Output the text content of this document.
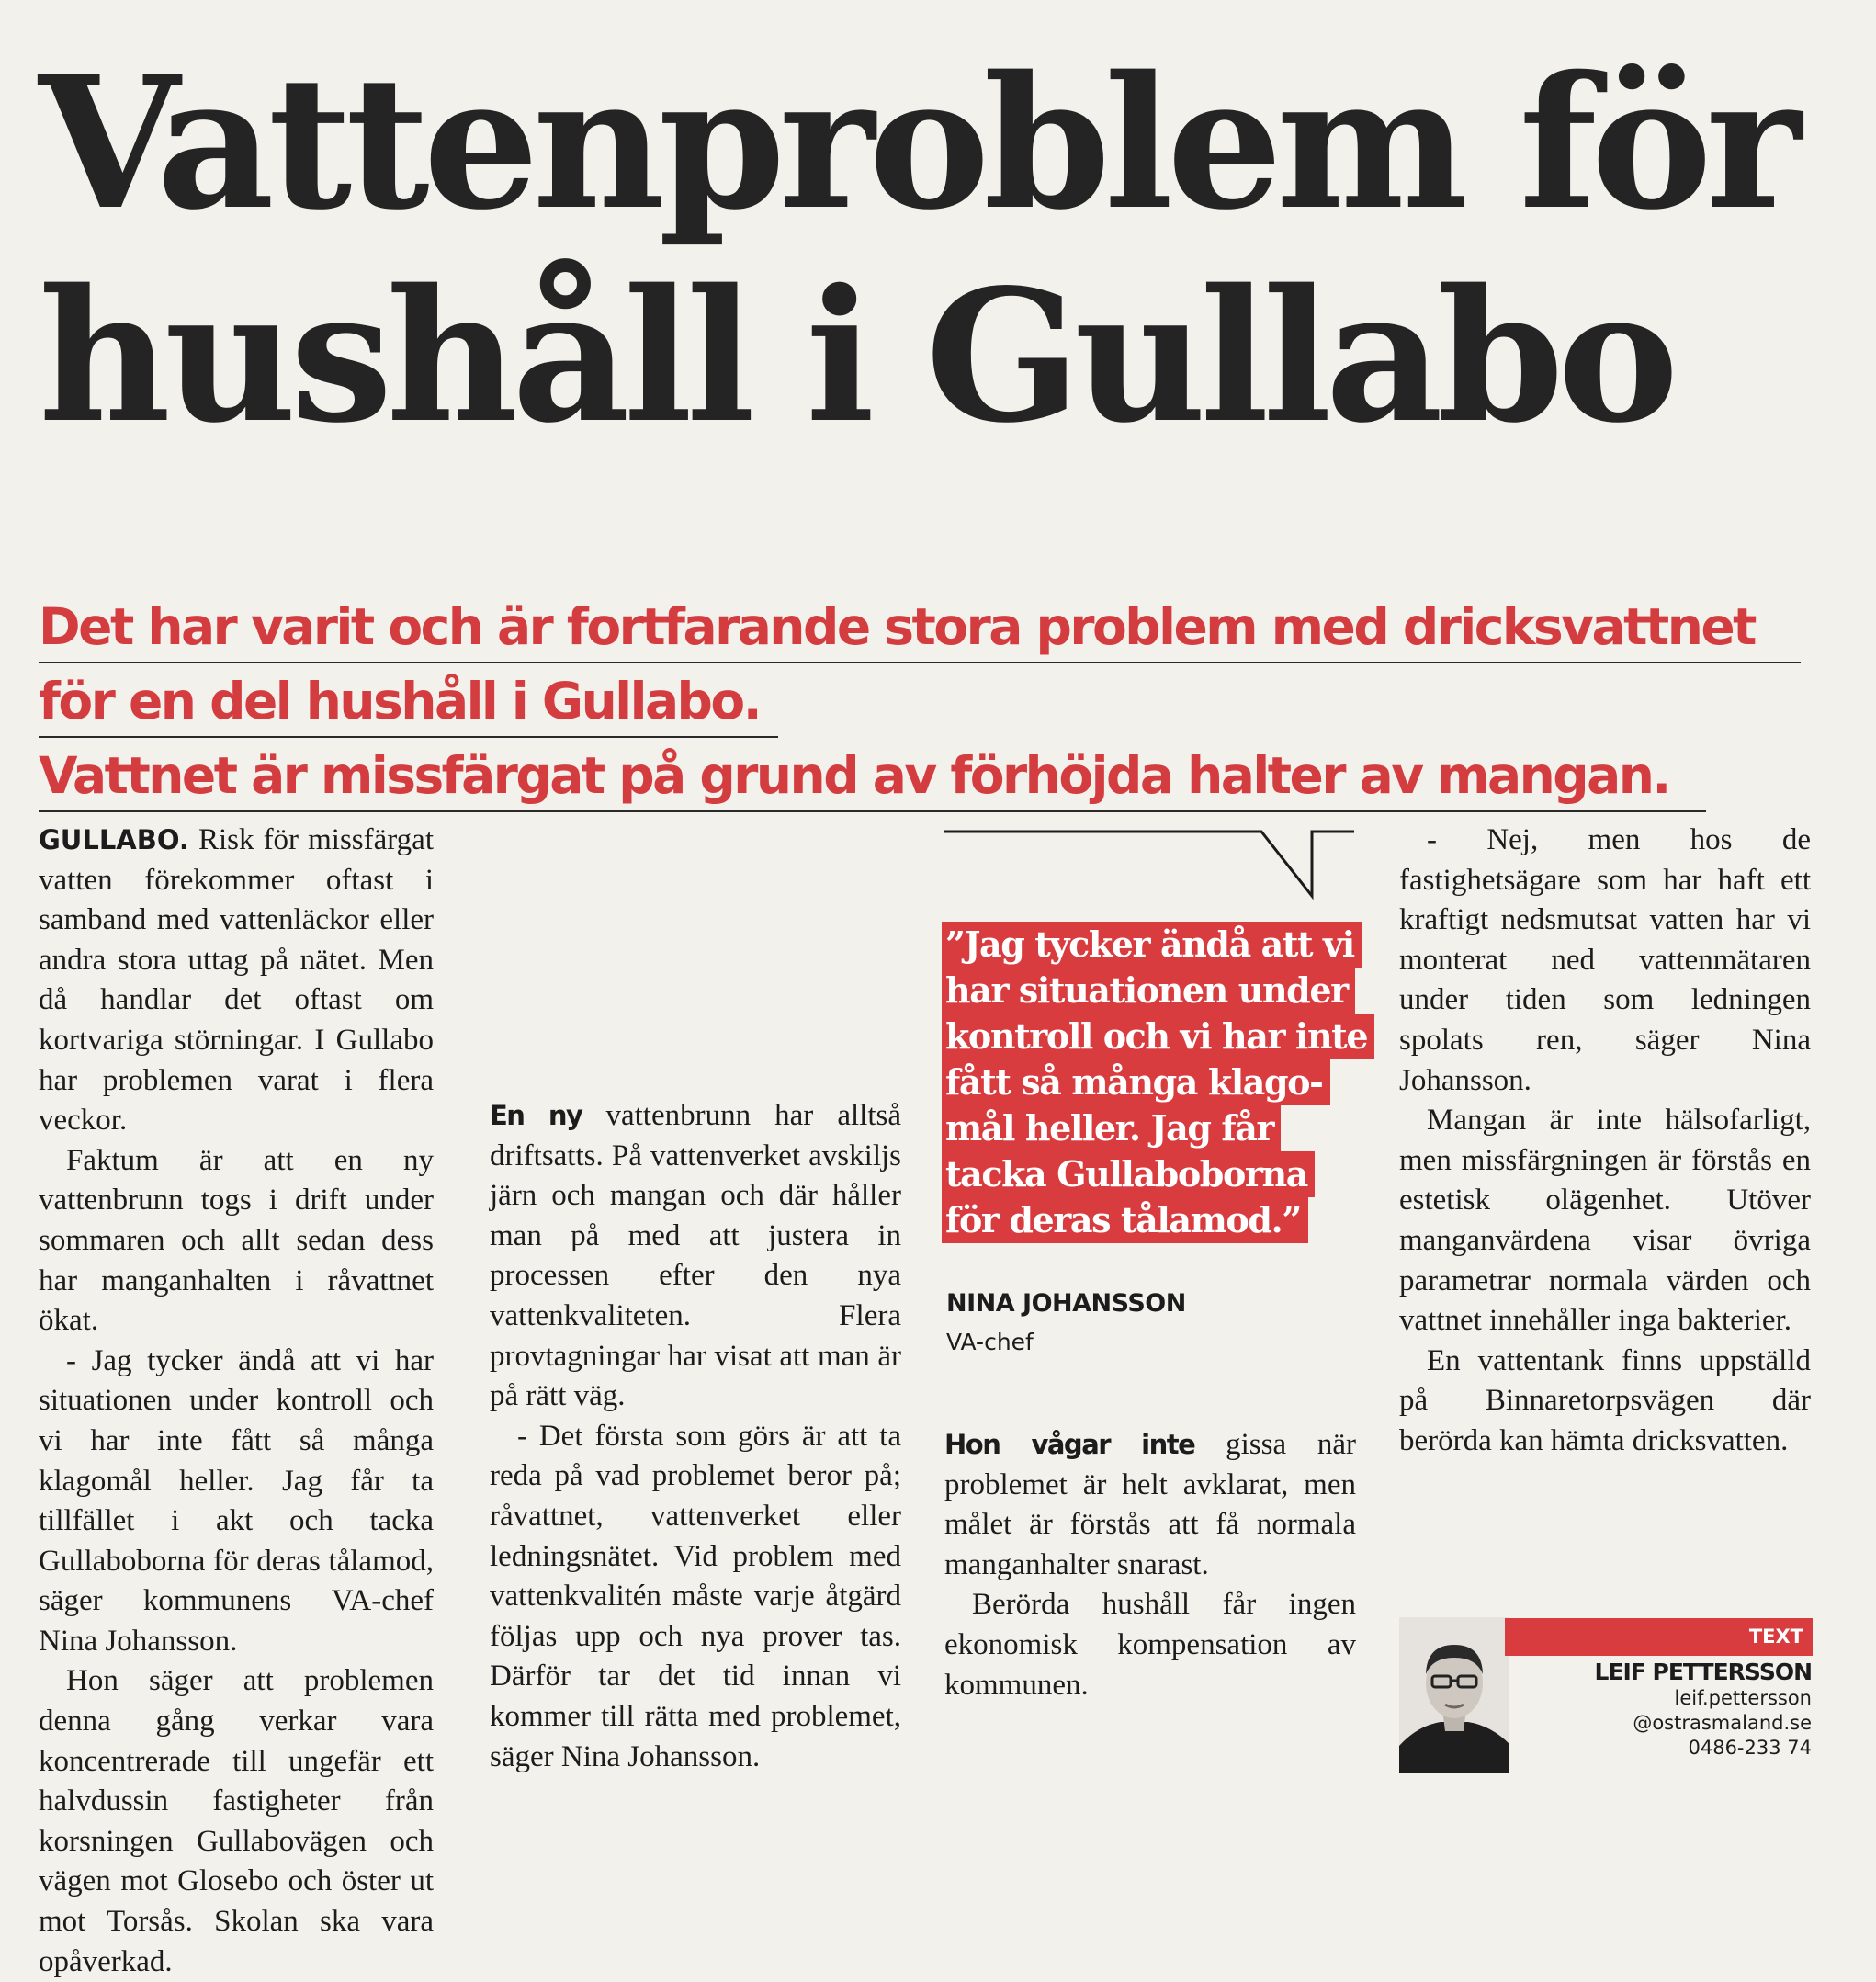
Vattenproblem för
hushåll i Gullabo
Det har varit och är fortfarande stora problem med dricksvattnet
för en del hushåll i Gullabo.
Vattnet är missfärgat på grund av förhöjda halter av mangan.

GULLABO. Risk för missfärgat vatten förekommer oftast i samband med vattenläckor eller andra stora uttag på nätet. Men då handlar det oftast om kortvariga störningar. I Gullabo har problemen varat i flera veckor.

Faktum är att en ny vattenbrunn togs i drift under sommaren och allt sedan dess har manganhalten i råvattnet ökat.

- Jag tycker ändå att vi har situationen under kontroll och vi har inte fått så många klagomål heller. Jag får ta tillfället i akt och tacka Gullaboborna för deras tålamod, säger kommunens VA-chef Nina Johansson.

Hon säger att problemen denna gång verkar vara koncentrerade till ungefär ett halvdussin fastigheter från korsningen Gullabovägen och vägen mot Glosebo och öster ut mot Torsås. Skolan ska vara opåverkad.

En ny vattenbrunn har alltså driftsatts. På vattenverket avskiljs järn och mangan och där håller man på med att justera in processen efter den nya vattenkvaliteten. Flera provtagningar har visat att man är på rätt väg.

- Det första som görs är att ta reda på vad problemet beror på; råvattnet, vattenverket eller ledningsnätet. Vid problem med vattenkvalitén måste varje åtgärd följas upp och nya prover tas. Därför tar det tid innan vi kommer till rätta med problemet, säger Nina Johansson.

”Jag tycker ändå att vi
har situationen under
kontroll och vi har inte
fått så många klago-
mål heller. Jag får
tacka Gullaboborna
för deras tålamod.”
NINA JOHANSSON
VA-chef

Hon vågar inte gissa när problemet är helt avklarat, men målet är förstås att få normala manganhalter snarast.

Berörda hushåll får ingen ekonomisk kompensation av kommunen.

- Nej, men hos de fastighetsägare som har haft ett kraftigt nedsmutsat vatten har vi monterat ned vattenmätaren under tiden som ledningen spolats ren, säger Nina Johansson.

Mangan är inte hälsofarligt, men missfärgningen är förstås en estetisk olägenhet. Utöver manganvärdena visar övriga parametrar normala värden och vattnet innehåller inga bakterier.

En vattentank finns uppställd på Binnaretorpsvägen där berörda kan hämta dricksvatten.

TEXT
LEIF PETTERSSON
leif.pettersson
@ostrasmaland.se
0486-233 74
